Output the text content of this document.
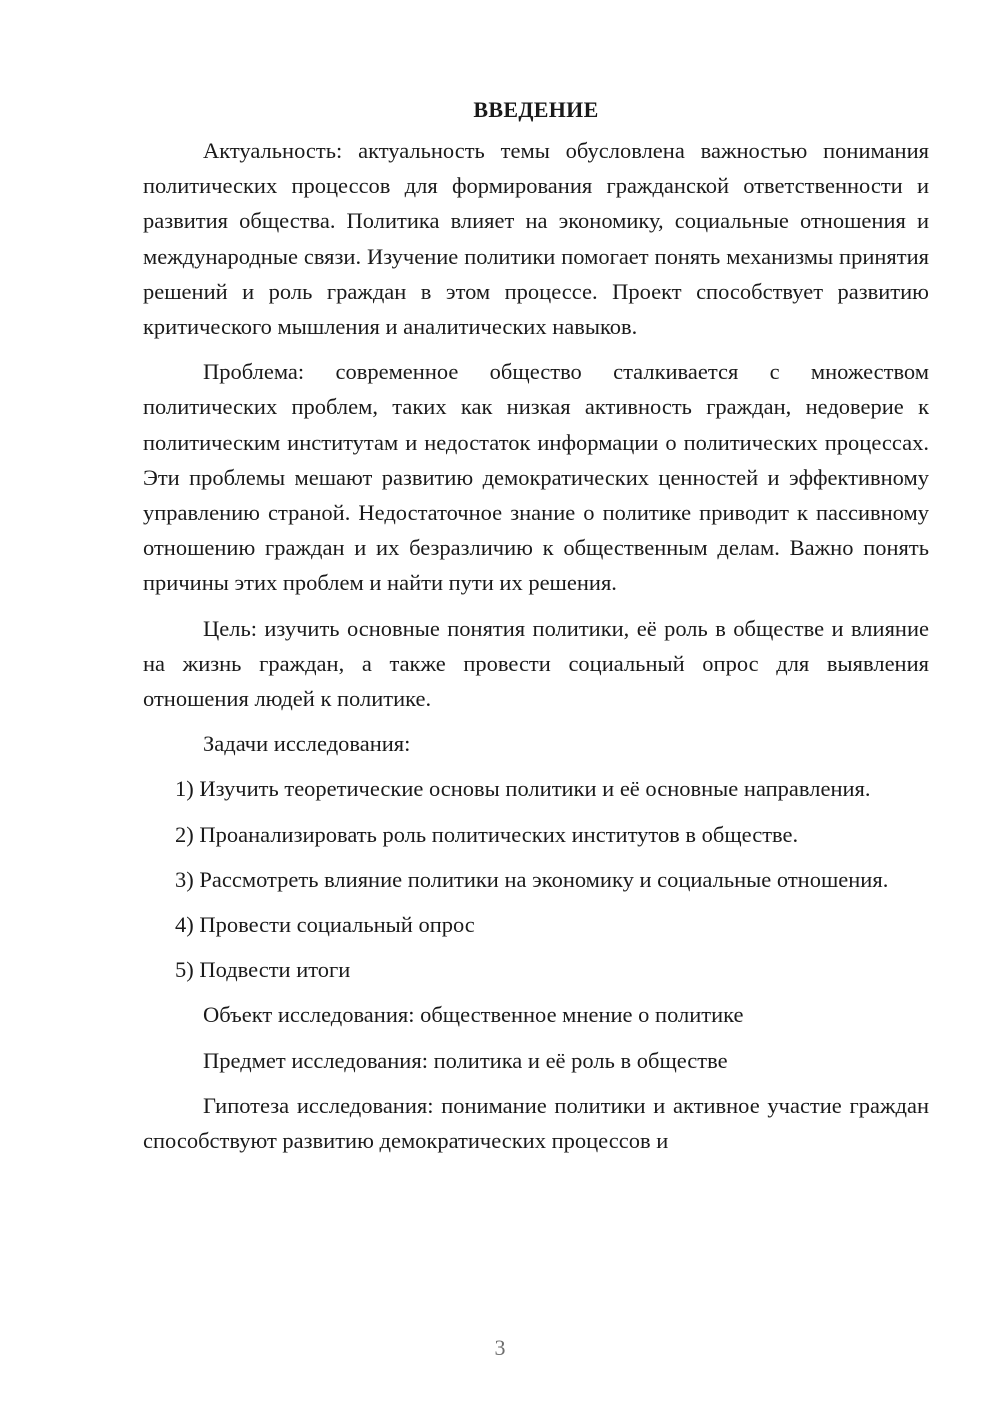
ВВЕДЕНИЕ

Актуальность: актуальность темы обусловлена важностью понимания политических процессов для формирования гражданской ответственности и развития общества. Политика влияет на экономику, социальные отношения и международные связи. Изучение политики помогает понять механизмы принятия решений и роль граждан в этом процессе. Проект способствует развитию критического мышления и аналитических навыков.

Проблема: современное общество сталкивается с множеством политических проблем, таких как низкая активность граждан, недоверие к политическим институтам и недостаток информации о политических процессах. Эти проблемы мешают развитию демократических ценностей и эффективному управлению страной. Недостаточное знание о политике приводит к пассивному отношению граждан и их безразличию к общественным делам. Важно понять причины этих проблем и найти пути их решения.

Цель: изучить основные понятия политики, её роль в обществе и влияние на жизнь граждан, а также провести социальный опрос для выявления отношения людей к политике.

Задачи исследования:

1) Изучить теоретические основы политики и её основные направления.

2) Проанализировать роль политических институтов в обществе.

3) Рассмотреть влияние политики на экономику и социальные отношения.

4) Провести социальный опрос

5) Подвести итоги

Объект исследования: общественное мнение о политике

Предмет исследования: политика и её роль в обществе

Гипотеза исследования: понимание политики и активное участие граждан способствуют развитию демократических процессов и

3
